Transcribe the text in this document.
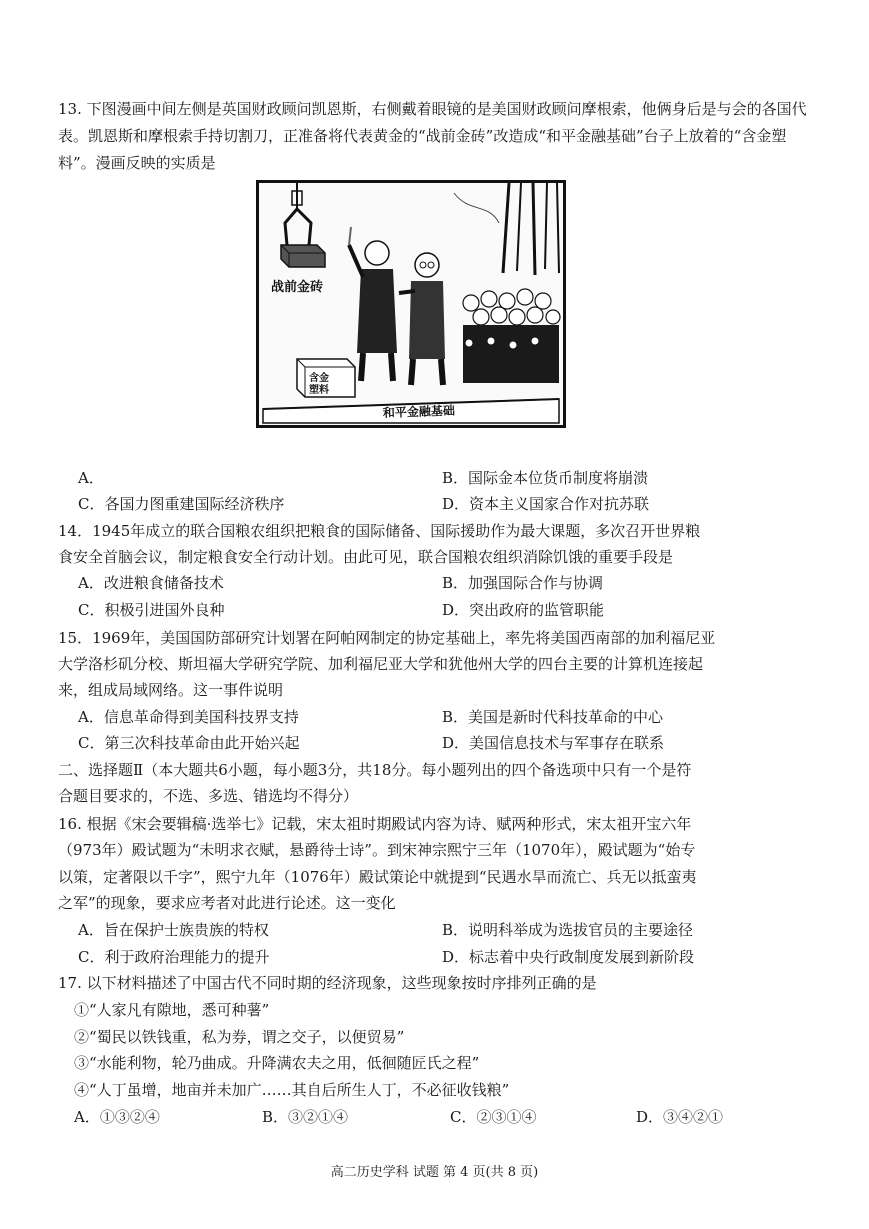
13. 下图漫画中间左侧是英国财政顾问凯恩斯，右侧戴着眼镜的是美国财政顾问摩根索，他俩身后是与会的各国代表。凯恩斯和摩根索手持切割刀，正准备将代表黄金的“战前金砖”改造成“和平金融基础”台子上放着的“含金塑料”。漫画反映的实质是

战前金砖
含金
塑料
和平金融基础
A．	B．国际金本位货币制度将崩溃
C．各国力图重建国际经济秩序	D．资本主义国家合作对抗苏联
14．1945年成立的联合国粮农组织把粮食的国际储备、国际援助作为最大课题，多次召开世界粮
食安全首脑会议，制定粮食安全行动计划。由此可见，联合国粮农组织消除饥饿的重要手段是
A．改进粮食储备技术	B．加强国际合作与协调
C．积极引进国外良种	D．突出政府的监管职能
15．1969年，美国国防部研究计划署在阿帕网制定的协定基础上，率先将美国西南部的加利福尼亚
大学洛杉矶分校、斯坦福大学研究学院、加利福尼亚大学和犹他州大学的四台主要的计算机连接起
来，组成局域网络。这一事件说明
A．信息革命得到美国科技界支持	B．美国是新时代科技革命的中心
C．第三次科技革命由此开始兴起	D．美国信息技术与军事存在联系
二、选择题Ⅱ（本大题共6小题，每小题3分，共18分。每小题列出的四个备选项中只有一个是符
合题目要求的，不选、多选、错选均不得分）
16. 根据《宋会要辑稿·选举七》记载，宋太祖时期殿试内容为诗、赋两种形式，宋太祖开宝六年
（973年）殿试题为“未明求衣赋，悬爵待士诗”。到宋神宗熙宁三年（1070年），殿试题为“始专
以策，定著限以千字”，熙宁九年（1076年）殿试策论中就提到“民遇水旱而流亡、兵无以抵蛮夷
之军”的现象，要求应考者对此进行论述。这一变化
A．旨在保护士族贵族的特权	B．说明科举成为选拔官员的主要途径
C．利于政府治理能力的提升	D．标志着中央行政制度发展到新阶段
17. 以下材料描述了中国古代不同时期的经济现象，这些现象按时序排列正确的是
①“人家凡有隙地，悉可种薯”
②“蜀民以铁钱重，私为券，谓之交子，以便贸易”
③“水能利物，轮乃曲成。升降满农夫之用，低徊随匠氏之程”
④“人丁虽增，地亩并未加广……其自后所生人丁，不必征收钱粮”
A．①③②④	B．③②①④	C．②③①④	D．③④②①
高二历史学科 试题 第 4 页(共 8 页)
